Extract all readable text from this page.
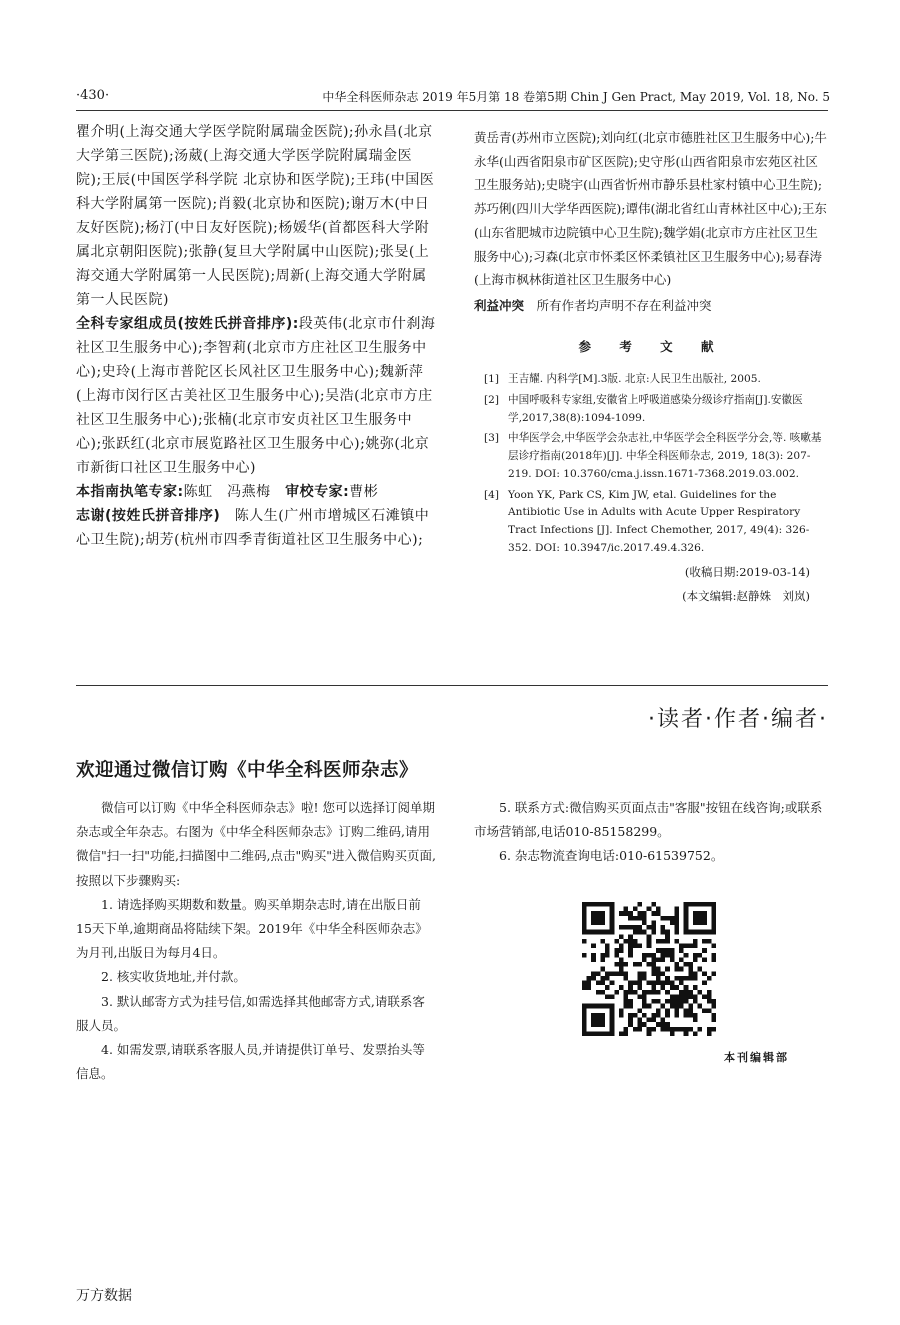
·430·	中华全科医师杂志 2019 年5月第 18 卷第5期 Chin J Gen Pract, May 2019, Vol. 18, No. 5

瞿介明(上海交通大学医学院附属瑞金医院);孙永昌(北京大学第三医院);汤葳(上海交通大学医学院附属瑞金医院);王辰(中国医学科学院 北京协和医学院);王玮(中国医科大学附属第一医院);肖毅(北京协和医院);谢万木(中日友好医院);杨汀(中日友好医院);杨媛华(首都医科大学附属北京朝阳医院);张静(复旦大学附属中山医院);张旻(上海交通大学附属第一人民医院);周新(上海交通大学附属第一人民医院)

全科专家组成员(按姓氏拼音排序):段英伟(北京市什刹海社区卫生服务中心);李智莉(北京市方庄社区卫生服务中心);史玲(上海市普陀区长风社区卫生服务中心);魏新萍(上海市闵行区古美社区卫生服务中心);吴浩(北京市方庄社区卫生服务中心);张楠(北京市安贞社区卫生服务中心);张跃红(北京市展览路社区卫生服务中心);姚弥(北京市新街口社区卫生服务中心)

本指南执笔专家:陈虹　冯燕梅　审校专家:曹彬

志谢(按姓氏拼音排序)　陈人生(广州市增城区石滩镇中心卫生院);胡芳(杭州市四季青街道社区卫生服务中心);

黄岳青(苏州市立医院);刘向红(北京市德胜社区卫生服务中心);牛永华(山西省阳泉市矿区医院);史守彤(山西省阳泉市宏苑区社区卫生服务站);史晓宇(山西省忻州市静乐县杜家村镇中心卫生院);苏巧俐(四川大学华西医院);谭伟(湖北省红山青林社区中心);王东(山东省肥城市边院镇中心卫生院);魏学娟(北京市方庄社区卫生服务中心);习森(北京市怀柔区怀柔镇社区卫生服务中心);易春涛(上海市枫林街道社区卫生服务中心)

利益冲突　所有作者均声明不存在利益冲突

参 考 文 献

[1] 王吉耀. 内科学[M].3版. 北京:人民卫生出版社, 2005.
[2] 中国呼吸科专家组,安徽省上呼吸道感染分级诊疗指南[J].安徽医学,2017,38(8):1094-1099.
[3] 中华医学会,中华医学会杂志社,中华医学会全科医学分会,等. 咳嗽基层诊疗指南(2018年)[J]. 中华全科医师杂志, 2019, 18(3): 207-219. DOI: 10.3760/cma.j.issn.1671-7368.2019.03.002.
[4] Yoon YK, Park CS, Kim JW, etal. Guidelines for the Antibiotic Use in Adults with Acute Upper Respiratory Tract Infections [J]. Infect Chemother, 2017, 49(4): 326-352. DOI: 10.3947/ic.2017.49.4.326.

(收稿日期:2019-03-14)

(本文编辑:赵静姝　刘岚)

·读者·作者·编者·
欢迎通过微信订购《中华全科医师杂志》

微信可以订购《中华全科医师杂志》啦! 您可以选择订阅单期杂志或全年杂志。右图为《中华全科医师杂志》订购二维码,请用微信"扫一扫"功能,扫描图中二维码,点击"购买"进入微信购买页面,按照以下步骤购买:

1. 请选择购买期数和数量。购买单期杂志时,请在出版日前15天下单,逾期商品将陆续下架。2019年《中华全科医师杂志》为月刊,出版日为每月4日。

2. 核实收货地址,并付款。

3. 默认邮寄方式为挂号信,如需选择其他邮寄方式,请联系客服人员。

4. 如需发票,请联系客服人员,并请提供订单号、发票抬头等信息。

5. 联系方式:微信购买页面点击"客服"按钮在线咨询;或联系市场营销部,电话010-85158299。

6. 杂志物流查询电话:010-61539752。

本刊编辑部
万方数据
